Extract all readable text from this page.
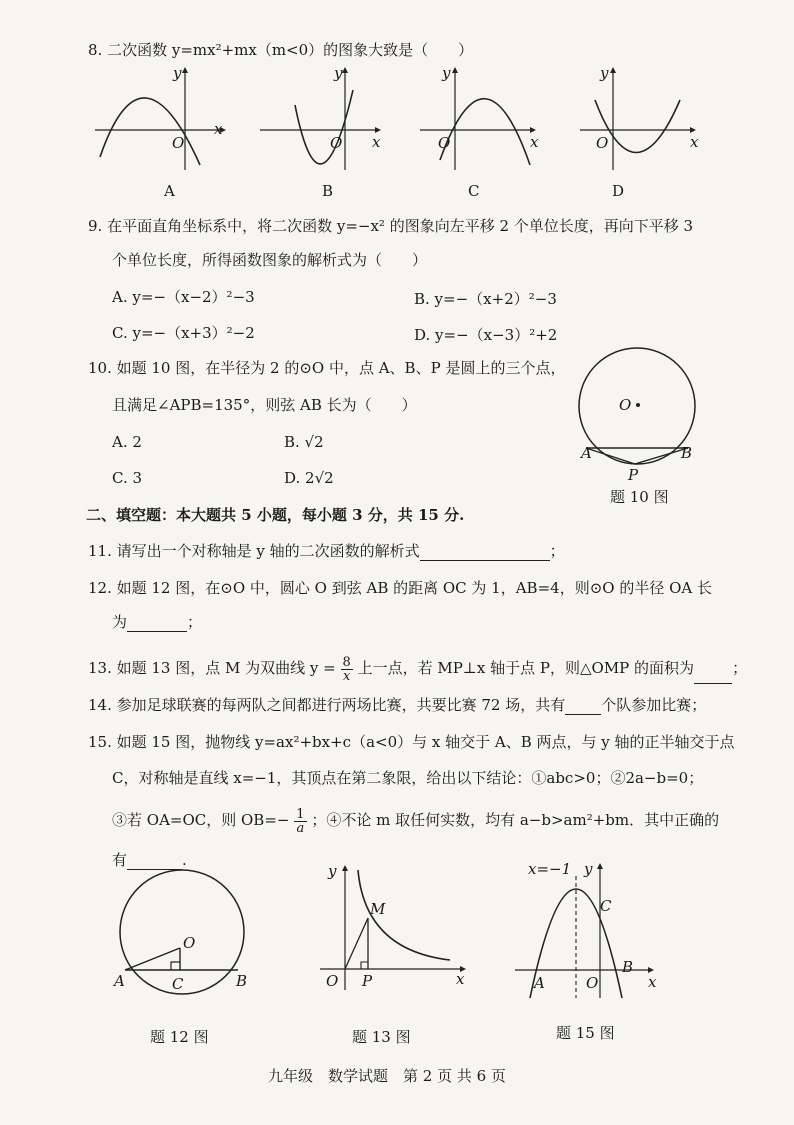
8. 二次函数 y=mx²+mx（m<0）的图象大致是（　　）
y
x
O
A
y
x
O
B
y
x
O
C
y
x
O
D
9. 在平面直角坐标系中，将二次函数 y=−x² 的图象向左平移 2 个单位长度，再向下平移 3
个单位长度，所得函数图象的解析式为（　　）
A. y=−（x−2）²−3	B. y=−（x+2）²−3
C. y=−（x+3）²−2	D. y=−（x−3）²+2
10. 如题 10 图，在半径为 2 的⊙O 中，点 A、B、P 是圆上的三个点，
且满足∠APB=135°，则弦 AB 长为（　　）
A. 2	B. √2
C. 3	D. 2√2
O
A	B
P
题 10 图
二、填空题：本大题共 5 小题，每小题 3 分，共 15 分.
11. 请写出一个对称轴是 y 轴的二次函数的解析式	；
12. 如题 12 图，在⊙O 中，圆心 O 到弦 AB 的距离 OC 为 1，AB=4，则⊙O 的半径 OA 长
为	；
13. 如题 13 图，点 M 为双曲线 $y = \frac{8}{x}$ 上一点，若 MP⊥x 轴于点 P，则△OMP 的面积为	；
14. 参加足球联赛的每两队之间都进行两场比赛，共要比赛 72 场，共有 个队参加比赛；
15. 如题 15 图，抛物线 y=ax²+bx+c（a<0）与 x 轴交于 A、B 两点，与 y 轴的正半轴交于点
C，对称轴是直线 x=−1，其顶点在第二象限，给出以下结论：①abc>0；②2a−b=0；
③若 OA=OC，则 $OB=- \frac{1}{a}$ ；④不论 m 取任何实数，均有 a−b>am²+bm．其中正确的
有	.
O
A	B
C
题 12 图
y
x
O P
M
题 13 图
x=−1 y
C
x
A	O
B
题 15 图
九年级　数学试题　第 2 页 共 6 页
